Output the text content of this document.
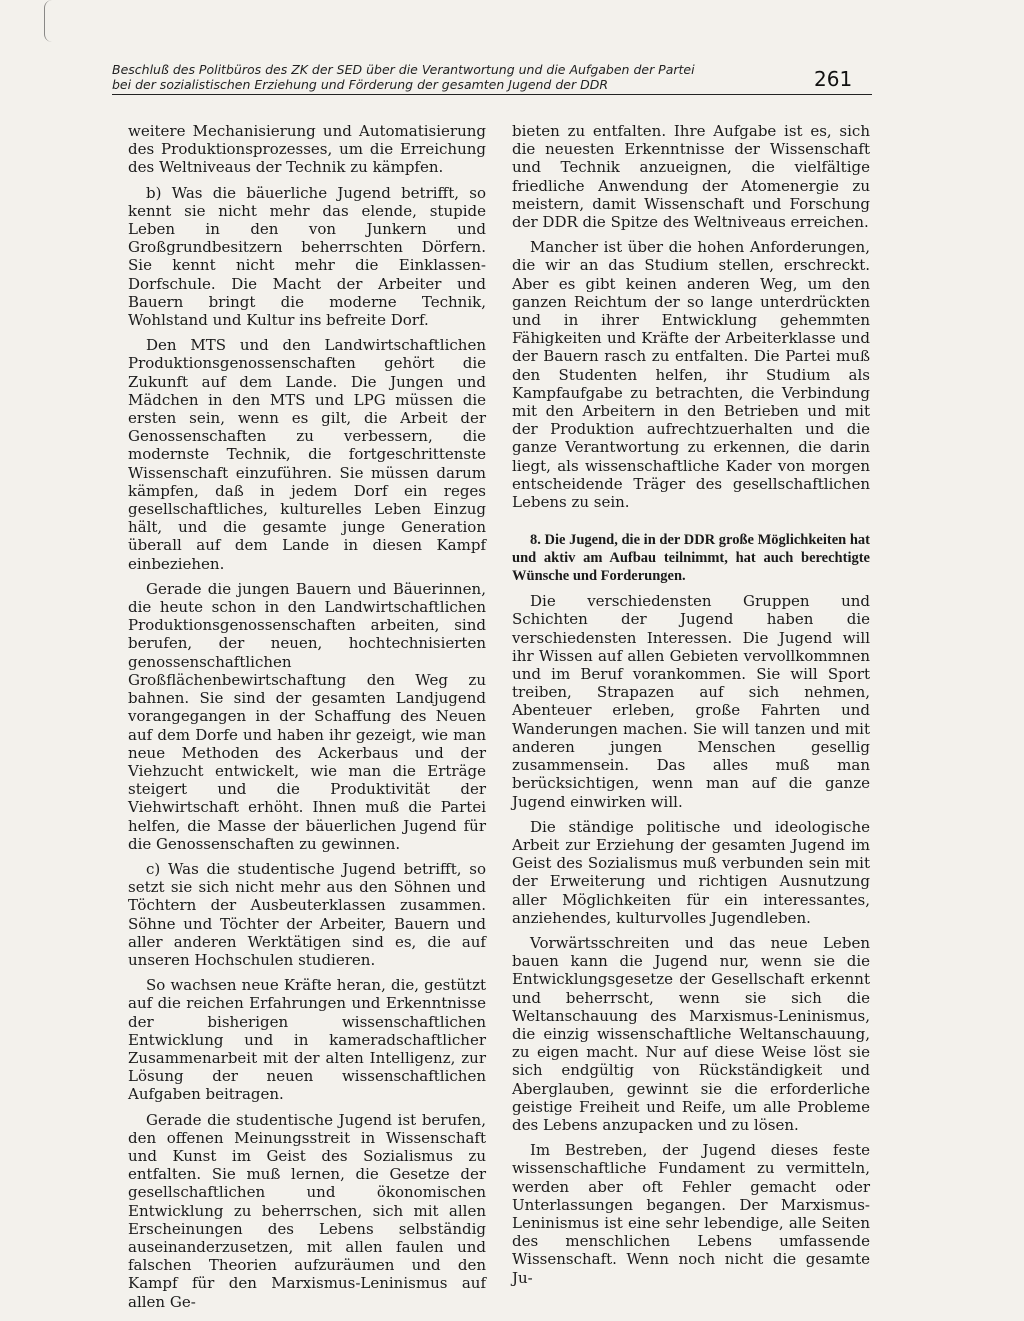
Beschluß des Politbüros des ZK der SED über die Verantwortung und die Aufgaben der Partei
bei der sozialistischen Erziehung und Förderung der gesamten Jugend der DDR	261

weitere Mechanisierung und Automatisierung des Produktionsprozesses, um die Erreichung des Weltniveaus der Technik zu kämpfen.

b) Was die bäuerliche Jugend betrifft, so kennt sie nicht mehr das elende, stupide Leben in den von Junkern und Großgrundbesitzern beherrschten Dörfern. Sie kennt nicht mehr die Einklassen-Dorfschule. Die Macht der Arbeiter und Bauern bringt die moderne Technik, Wohlstand und Kultur ins befreite Dorf.

Den MTS und den Landwirtschaftlichen Produktionsgenossenschaften gehört die Zukunft auf dem Lande. Die Jungen und Mädchen in den MTS und LPG müssen die ersten sein, wenn es gilt, die Arbeit der Genossenschaften zu verbessern, die modernste Technik, die fortgeschrittenste Wissenschaft einzuführen. Sie müssen darum kämpfen, daß in jedem Dorf ein reges gesellschaftliches, kulturelles Leben Einzug hält, und die gesamte junge Generation überall auf dem Lande in diesen Kampf einbeziehen.

Gerade die jungen Bauern und Bäuerinnen, die heute schon in den Landwirtschaftlichen Produktionsgenossenschaften arbeiten, sind berufen, der neuen, hochtechnisierten genossenschaftlichen Großflächenbewirtschaftung den Weg zu bahnen. Sie sind der gesamten Landjugend vorangegangen in der Schaffung des Neuen auf dem Dorfe und haben ihr gezeigt, wie man neue Methoden des Ackerbaus und der Viehzucht entwickelt, wie man die Erträge steigert und die Produktivität der Viehwirtschaft erhöht. Ihnen muß die Partei helfen, die Masse der bäuerlichen Jugend für die Genossenschaften zu gewinnen.

c) Was die studentische Jugend betrifft, so setzt sie sich nicht mehr aus den Söhnen und Töchtern der Ausbeuterklassen zusammen. Söhne und Töchter der Arbeiter, Bauern und aller anderen Werktätigen sind es, die auf unseren Hochschulen studieren.

So wachsen neue Kräfte heran, die, gestützt auf die reichen Erfahrungen und Erkenntnisse der bisherigen wissenschaftlichen Entwicklung und in kameradschaftlicher Zusammenarbeit mit der alten Intelligenz, zur Lösung der neuen wissenschaftlichen Aufgaben beitragen.

Gerade die studentische Jugend ist berufen, den offenen Meinungsstreit in Wissenschaft und Kunst im Geist des Sozialismus zu entfalten. Sie muß lernen, die Gesetze der gesellschaftlichen und ökonomischen Entwicklung zu beherrschen, sich mit allen Erscheinungen des Lebens selbständig auseinanderzusetzen, mit allen faulen und falschen Theorien aufzuräumen und den Kampf für den Marxismus-Leninismus auf allen Ge-

bieten zu entfalten. Ihre Aufgabe ist es, sich die neuesten Erkenntnisse der Wissenschaft und Technik anzueignen, die vielfältige friedliche Anwendung der Atomenergie zu meistern, damit Wissenschaft und Forschung der DDR die Spitze des Weltniveaus erreichen.

Mancher ist über die hohen Anforderungen, die wir an das Studium stellen, erschreckt. Aber es gibt keinen anderen Weg, um den ganzen Reichtum der so lange unterdrückten und in ihrer Entwicklung gehemmten Fähigkeiten und Kräfte der Arbeiterklasse und der Bauern rasch zu entfalten. Die Partei muß den Studenten helfen, ihr Studium als Kampfaufgabe zu betrachten, die Verbindung mit den Arbeitern in den Betrieben und mit der Produktion aufrechtzuerhalten und die ganze Verantwortung zu erkennen, die darin liegt, als wissenschaftliche Kader von morgen entscheidende Träger des gesellschaftlichen Lebens zu sein.

8. Die Jugend, die in der DDR große Möglichkeiten hat und aktiv am Aufbau teilnimmt, hat auch berechtigte Wünsche und Forderungen.

Die verschiedensten Gruppen und Schichten der Jugend haben die verschiedensten Interessen. Die Jugend will ihr Wissen auf allen Gebieten vervollkommnen und im Beruf vorankommen. Sie will Sport treiben, Strapazen auf sich nehmen, Abenteuer erleben, große Fahrten und Wanderungen machen. Sie will tanzen und mit anderen jungen Menschen gesellig zusammensein. Das alles muß man berücksichtigen, wenn man auf die ganze Jugend einwirken will.

Die ständige politische und ideologische Arbeit zur Erziehung der gesamten Jugend im Geist des Sozialismus muß verbunden sein mit der Erweiterung und richtigen Ausnutzung aller Möglichkeiten für ein interessantes, anziehendes, kulturvolles Jugendleben.

Vorwärtsschreiten und das neue Leben bauen kann die Jugend nur, wenn sie die Entwicklungsgesetze der Gesellschaft erkennt und beherrscht, wenn sie sich die Weltanschauung des Marxismus-Leninismus, die einzig wissenschaftliche Weltanschauung, zu eigen macht. Nur auf diese Weise löst sie sich endgültig von Rückständigkeit und Aberglauben, gewinnt sie die erforderliche geistige Freiheit und Reife, um alle Probleme des Lebens anzupacken und zu lösen.

Im Bestreben, der Jugend dieses feste wissenschaftliche Fundament zu vermitteln, werden aber oft Fehler gemacht oder Unterlassungen begangen. Der Marxismus-Leninismus ist eine sehr lebendige, alle Seiten des menschlichen Lebens umfassende Wissenschaft. Wenn noch nicht die gesamte Ju-
